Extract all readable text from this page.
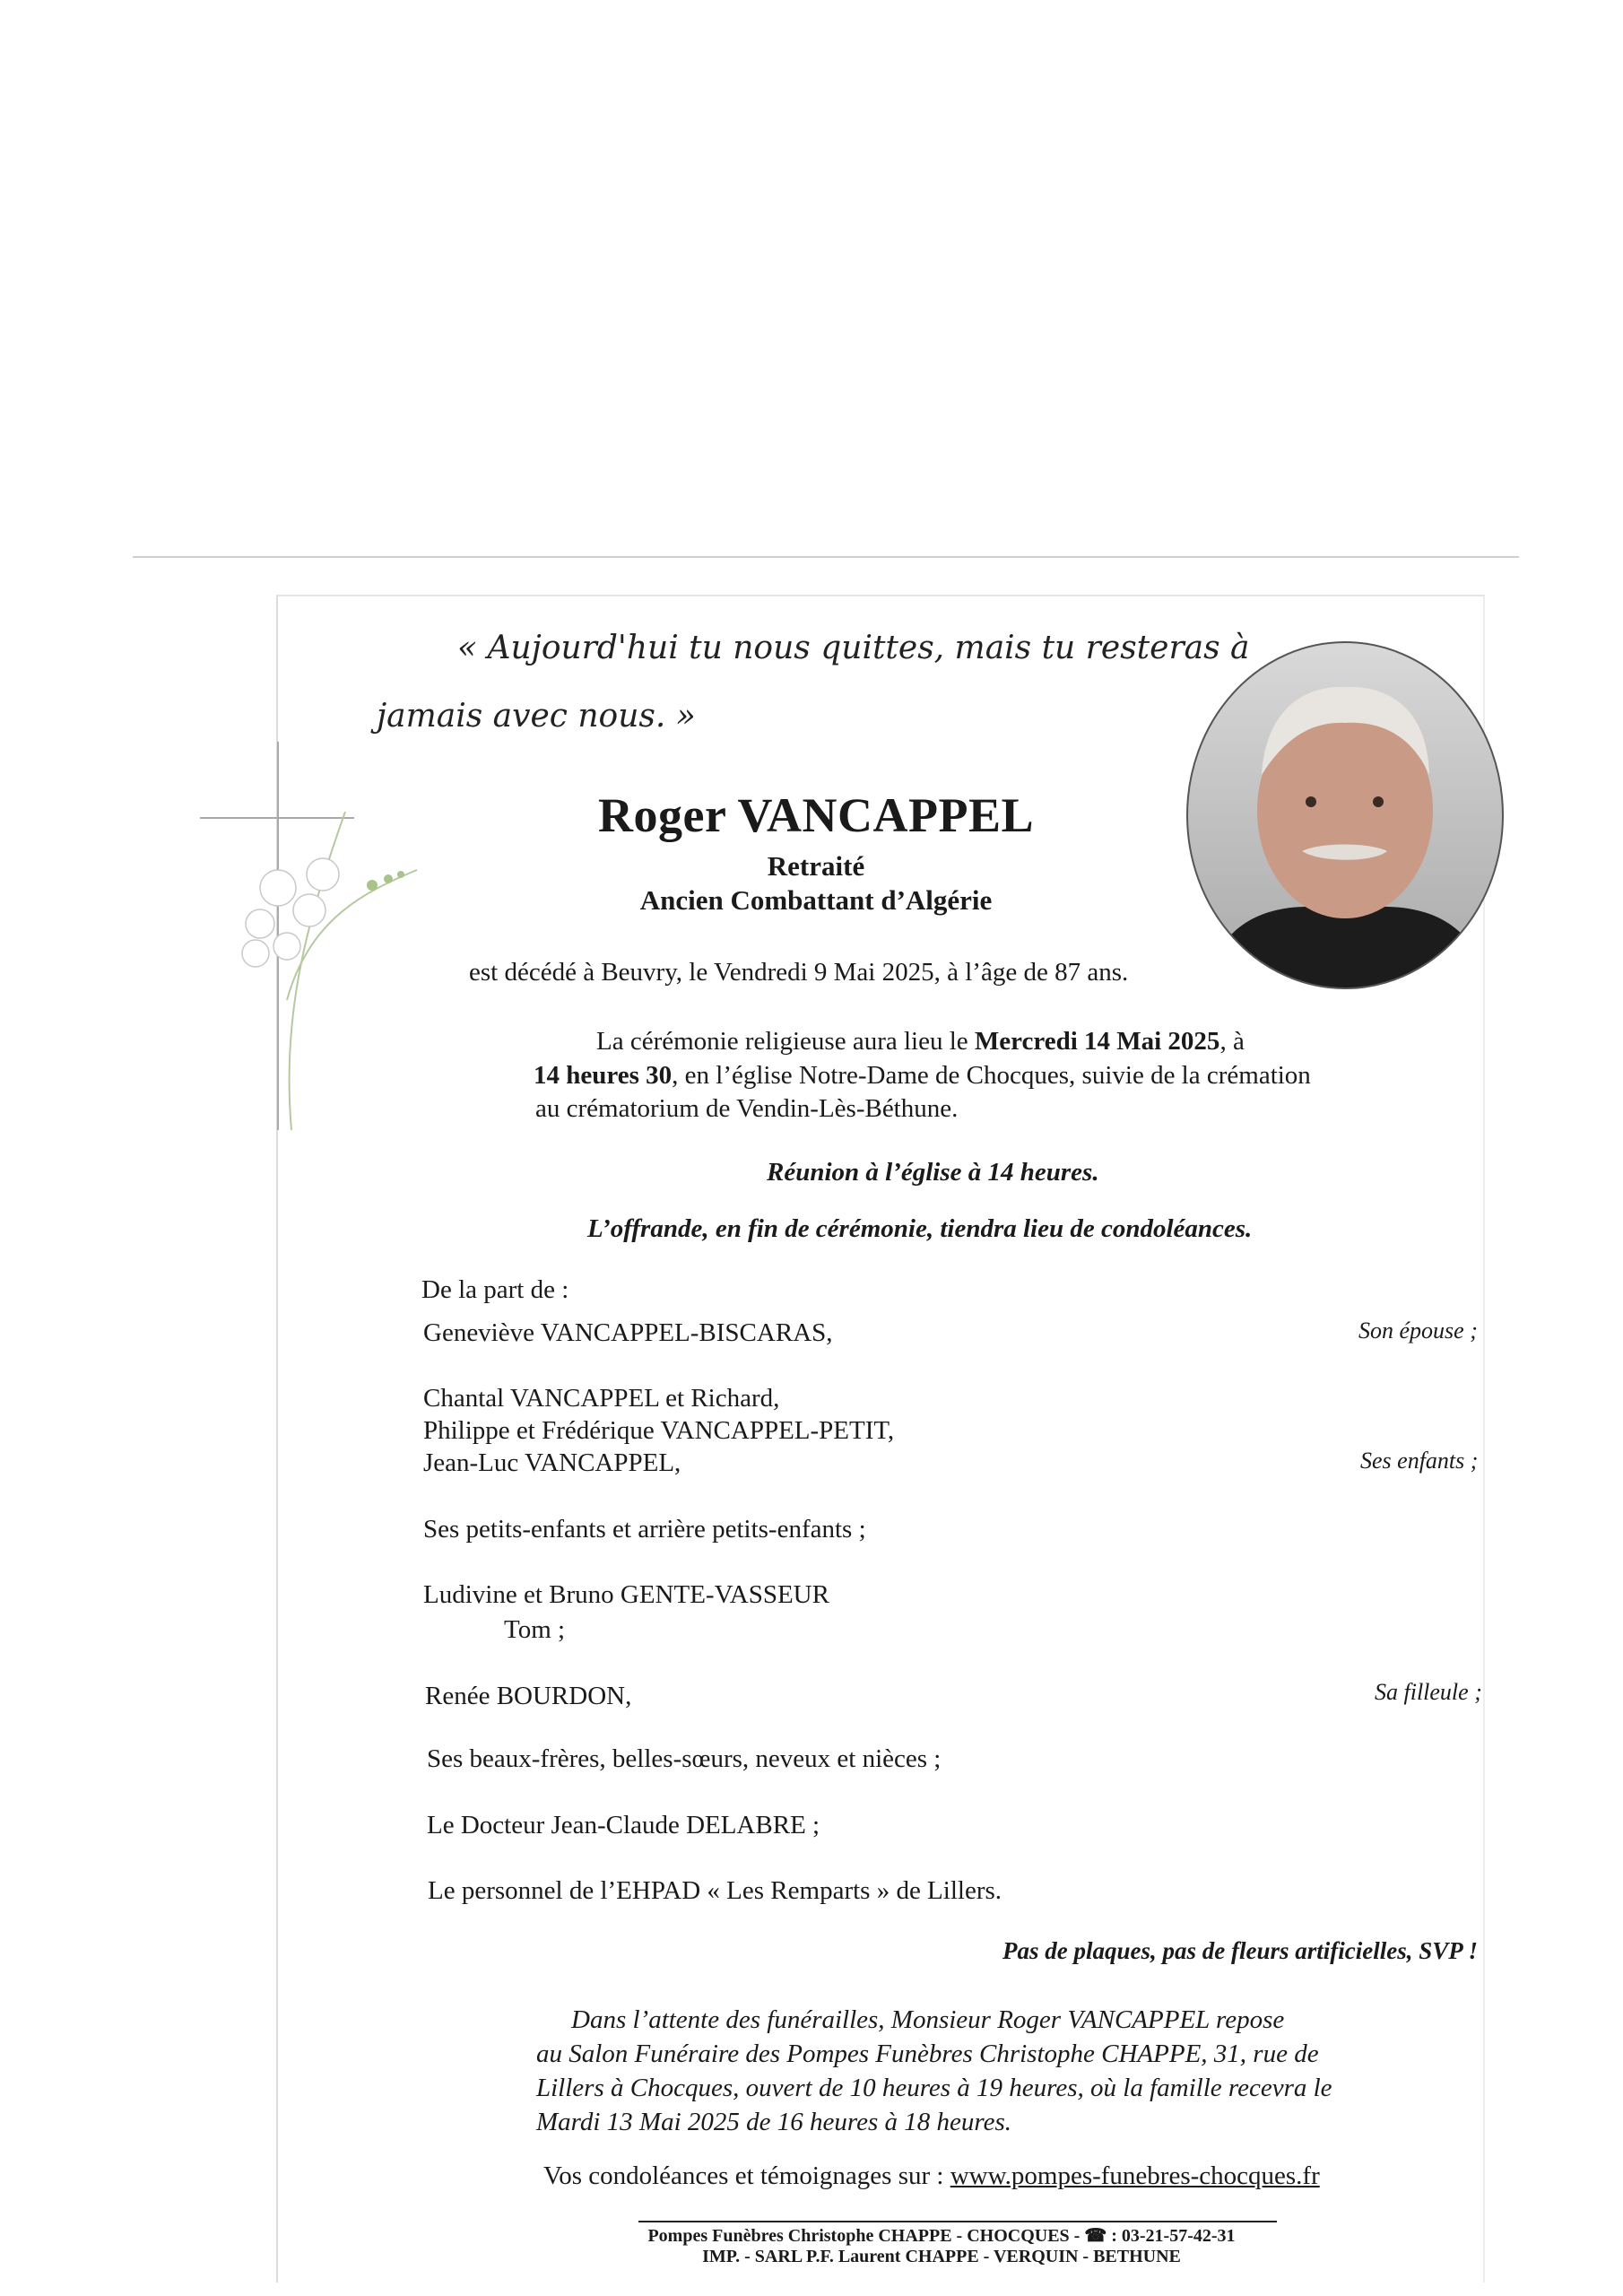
« Aujourd'hui tu nous quittes, mais tu resteras à
jamais avec nous. »
Roger VANCAPPEL
Retraité
Ancien Combattant d’Algérie
est décédé à Beuvry, le Vendredi 9 Mai 2025, à l’âge de 87 ans.
La cérémonie religieuse aura lieu le Mercredi 14 Mai 2025, à
14 heures 30, en l’église Notre-Dame de Chocques, suivie de la crémation
au crématorium de Vendin-Lès-Béthune.
Réunion à l’église à 14 heures.
L’offrande, en fin de cérémonie, tiendra lieu de condoléances.
De la part de :
Geneviève VANCAPPEL-BISCARAS,	Son épouse ;
Chantal VANCAPPEL et Richard,
Philippe et Frédérique VANCAPPEL-PETIT,
Jean-Luc VANCAPPEL,	Ses enfants ;
Ses petits-enfants et arrière petits-enfants ;
Ludivine et Bruno GENTE-VASSEUR
Tom ;
Renée BOURDON,	Sa filleule ;
Ses beaux-frères, belles-sœurs, neveux et nièces ;
Le Docteur Jean-Claude DELABRE ;
Le personnel de l’EHPAD « Les Remparts » de Lillers.
Pas de plaques, pas de fleurs artificielles, SVP !
Dans l’attente des funérailles, Monsieur Roger VANCAPPEL repose
au Salon Funéraire des Pompes Funèbres Christophe CHAPPE, 31, rue de
Lillers à Chocques, ouvert de 10 heures à 19 heures, où la famille recevra le
Mardi 13 Mai 2025 de 16 heures à 18 heures.
Vos condoléances et témoignages sur : www.pompes-funebres-chocques.fr
Pompes Funèbres Christophe CHAPPE - CHOCQUES - ☎ : 03-21-57-42-31
IMP. - SARL P.F. Laurent CHAPPE - VERQUIN - BETHUNE
